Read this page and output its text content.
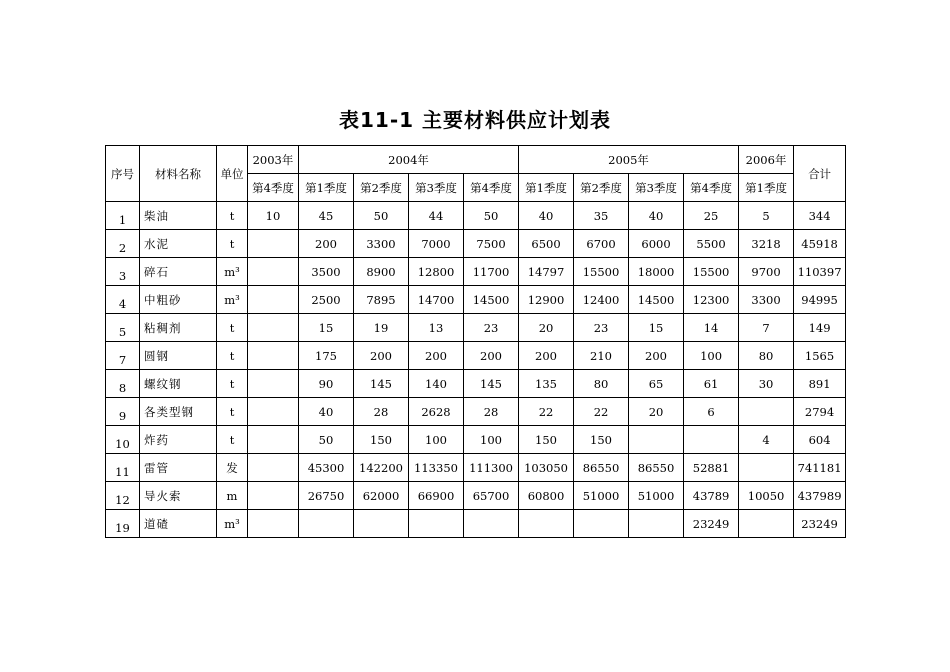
表11-1 主要材料供应计划表
序号	材料名称	单位	2003年	2004年				2005年				2006年	合计
			第4季度	第1季度	第2季度	第3季度	第4季度	第1季度	第2季度	第3季度	第4季度	第1季度	
1	柴油	t	10	45	50	44	50	40	35	40	25	5	344
2	水泥	t		200	3300	7000	7500	6500	6700	6000	5500	3218	45918
3	碎石	m³		3500	8900	12800	11700	14797	15500	18000	15500	9700	110397
4	中粗砂	m³		2500	7895	14700	14500	12900	12400	14500	12300	3300	94995
5	粘稠剂	t		15	19	13	23	20	23	15	14	7	149
7	圆钢	t		175	200	200	200	200	210	200	100	80	1565
8	螺纹钢	t		90	145	140	145	135	80	65	61	30	891
9	各类型钢	t		40	28	2628	28	22	22	20	6		2794
10	炸药	t		50	150	100	100	150	150			4	604
11	雷管	发		45300	142200	113350	111300	103050	86550	86550	52881		741181
12	导火索	m		26750	62000	66900	65700	60800	51000	51000	43789	10050	437989
19	道碴	m³									23249		23249
